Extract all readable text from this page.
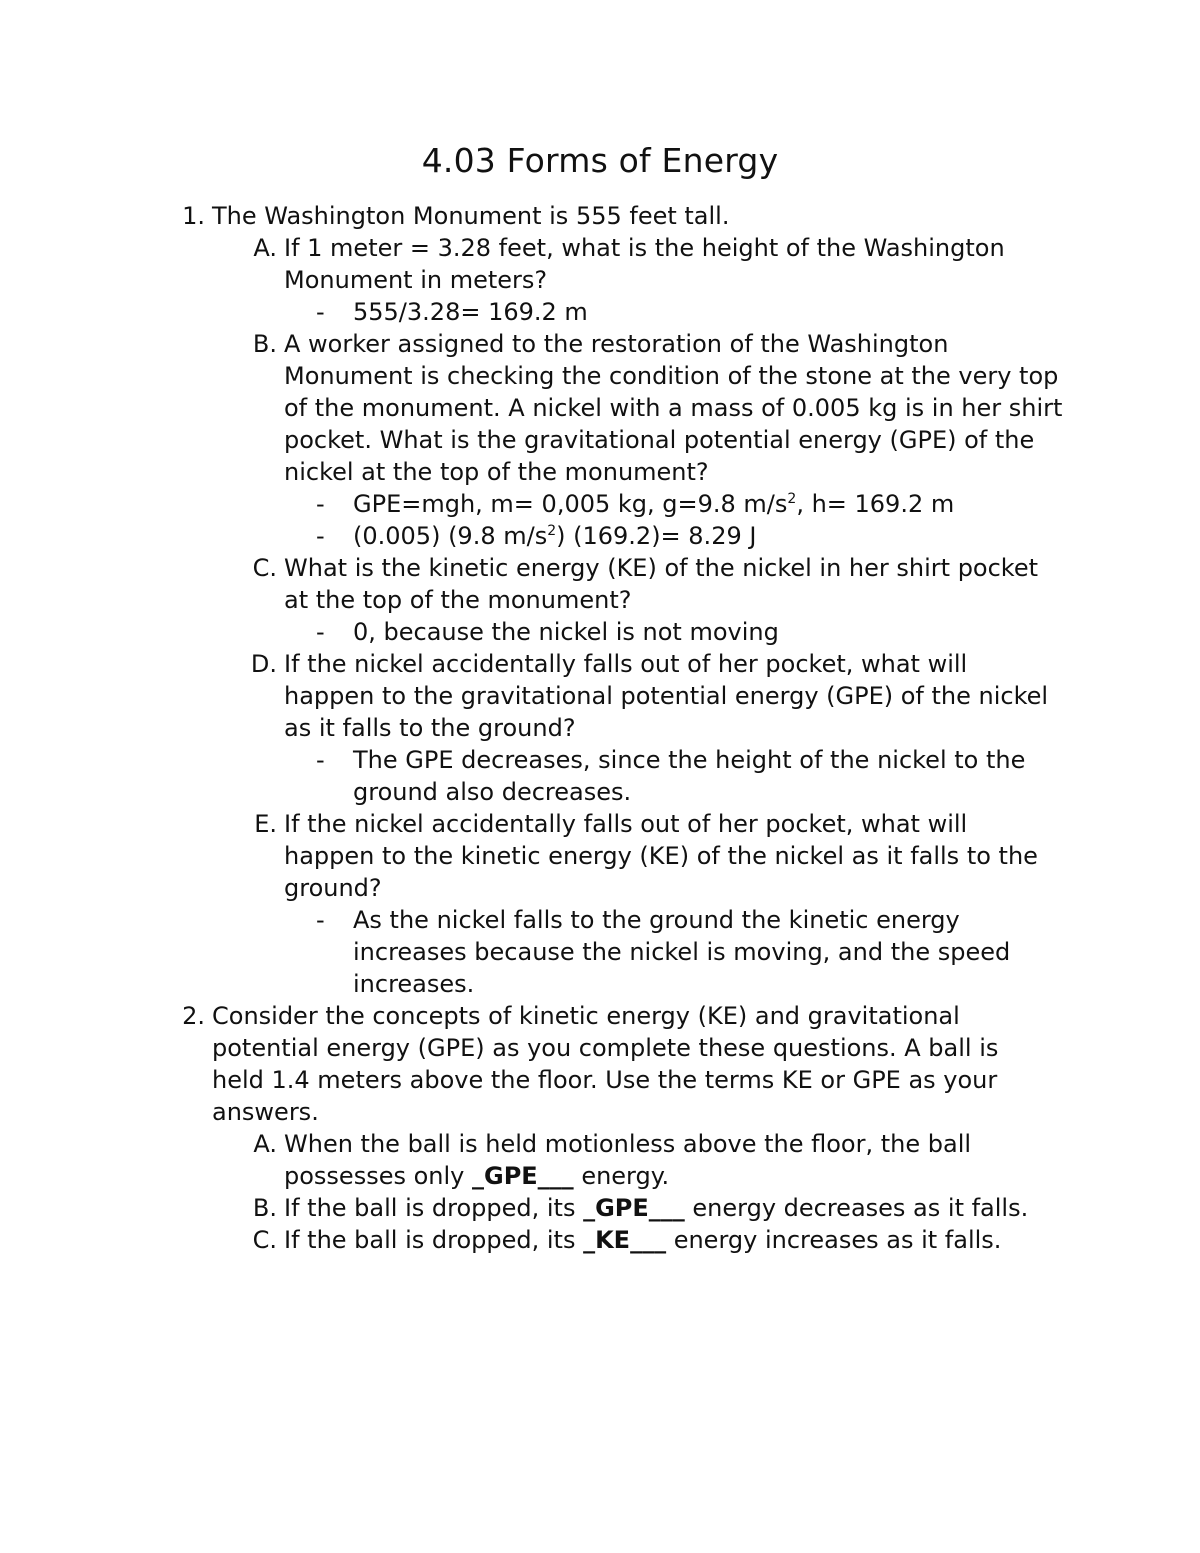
4.03 Forms of Energy
1. The Washington Monument is 555 feet tall.
A. If 1 meter = 3.28 feet, what is the height of the Washington Monument in meters?
-	555/3.28= 169.2 m
B. A worker assigned to the restoration of the Washington Monument is checking the condition of the stone at the very top of the monument. A nickel with a mass of 0.005 kg is in her shirt pocket. What is the gravitational potential energy (GPE) of the nickel at the top of the monument?
-	GPE=mgh, m= 0,005 kg, g=9.8 $m/s^2$, h= 169.2 m
-	(0.005) (9.8 $m/s^2$) (169.2)= 8.29 J
C. What is the kinetic energy (KE) of the nickel in her shirt pocket at the top of the monument?
-	0, because the nickel is not moving
D. If the nickel accidentally falls out of her pocket, what will happen to the gravitational potential energy (GPE) of the nickel as it falls to the ground?
-	The GPE decreases, since the height of the nickel to the ground also decreases.
E. If the nickel accidentally falls out of her pocket, what will happen to the kinetic energy (KE) of the nickel as it falls to the ground?
-	As the nickel falls to the ground the kinetic energy increases because the nickel is moving, and the speed increases.
2. Consider the concepts of kinetic energy (KE) and gravitational potential energy (GPE) as you complete these questions. A ball is held 1.4 meters above the floor. Use the terms KE or GPE as your answers.
A. When the ball is held motionless above the floor, the ball possesses only _GPE___ energy.
B. If the ball is dropped, its _GPE___ energy decreases as it falls.
C. If the ball is dropped, its _KE___ energy increases as it falls.
